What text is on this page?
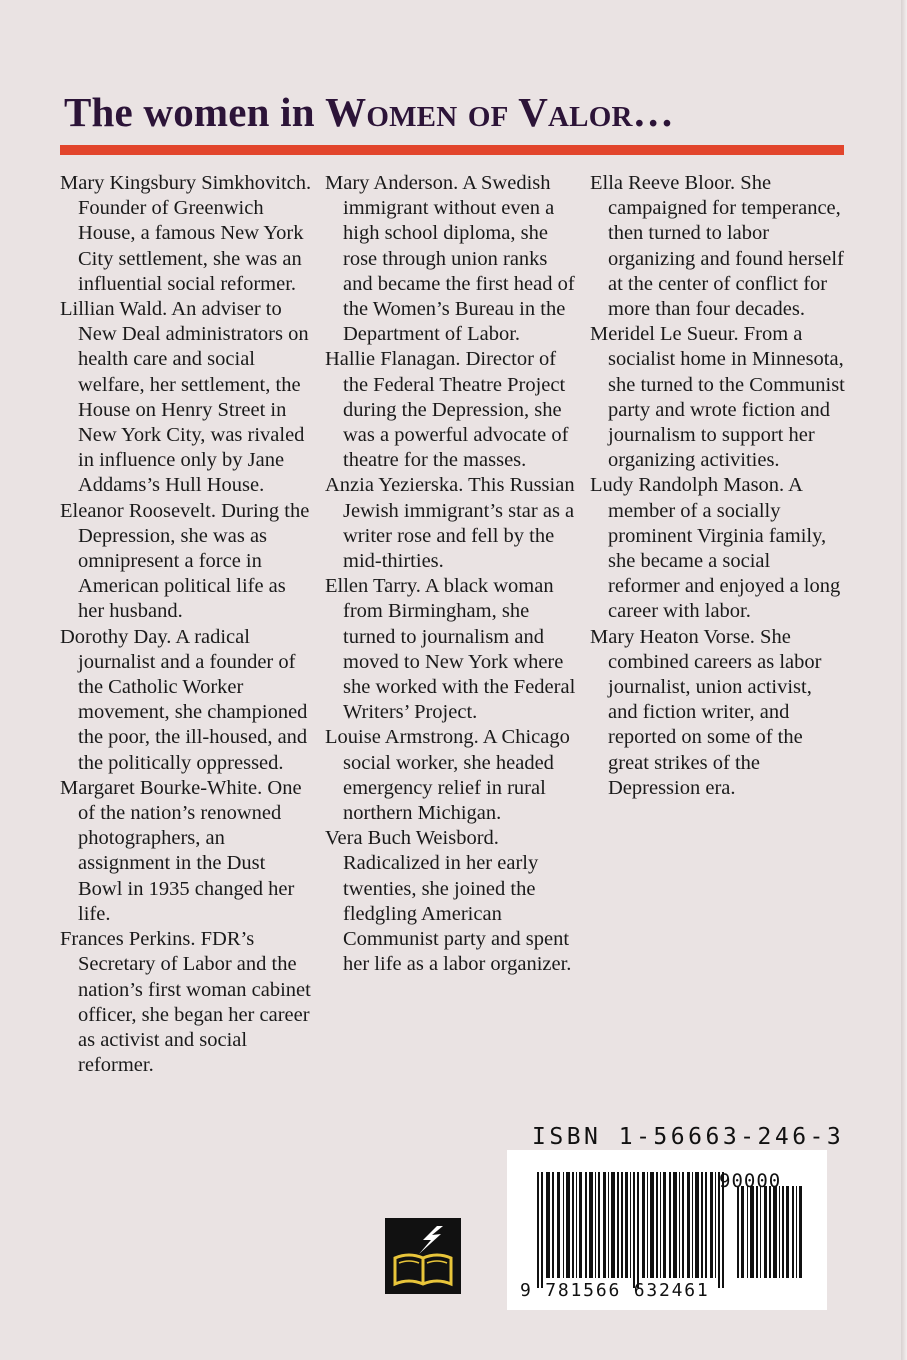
The women in Women of Valor…

Mary Kingsbury Simkhovitch. Founder of Greenwich House, a famous New York City settlement, she was an influential social reformer.

Lillian Wald. An adviser to New Deal administrators on health care and social welfare, her settlement, the House on Henry Street in New York City, was rivaled in influence only by Jane Addams’s Hull House.

Eleanor Roosevelt. During the Depression, she was as omnipresent a force in American political life as her husband.

Dorothy Day. A radical journalist and a founder of the Catholic Worker movement, she championed the poor, the ill-housed, and the politically oppressed.

Margaret Bourke-White. One of the nation’s renowned photographers, an assignment in the Dust Bowl in 1935 changed her life.

Frances Perkins. FDR’s Secretary of Labor and the nation’s first woman cabinet officer, she began her career as activist and social reformer.

Mary Anderson. A Swedish immigrant without even a high school diploma, she rose through union ranks and became the first head of the Women’s Bureau in the Department of Labor.

Hallie Flanagan. Director of the Federal Theatre Project during the Depression, she was a powerful advocate of theatre for the masses.

Anzia Yezierska. This Russian Jewish immigrant’s star as a writer rose and fell by the mid-thirties.

Ellen Tarry. A black woman from Birmingham, she turned to journalism and moved to New York where she worked with the Federal Writers’ Project.

Louise Armstrong. A Chicago social worker, she headed emergency relief in rural northern Michigan.

Vera Buch Weisbord. Radicalized in her early twenties, she joined the fledgling American Communist party and spent her life as a labor organizer.

Ella Reeve Bloor. She campaigned for temperance, then turned to labor organizing and found herself at the center of conflict for more than four decades.

Meridel Le Sueur. From a socialist home in Minnesota, she turned to the Communist party and wrote fiction and journalism to support her organizing activities.

Ludy Randolph Mason. A member of a socially prominent Virginia family, she became a social reformer and enjoyed a long career with labor.

Mary Heaton Vorse. She combined careers as labor journalist, union activist, and fiction writer, and reported on some of the great strikes of the Depression era.

ISBN 1-56663-246-3
90000
9 781566 632461
